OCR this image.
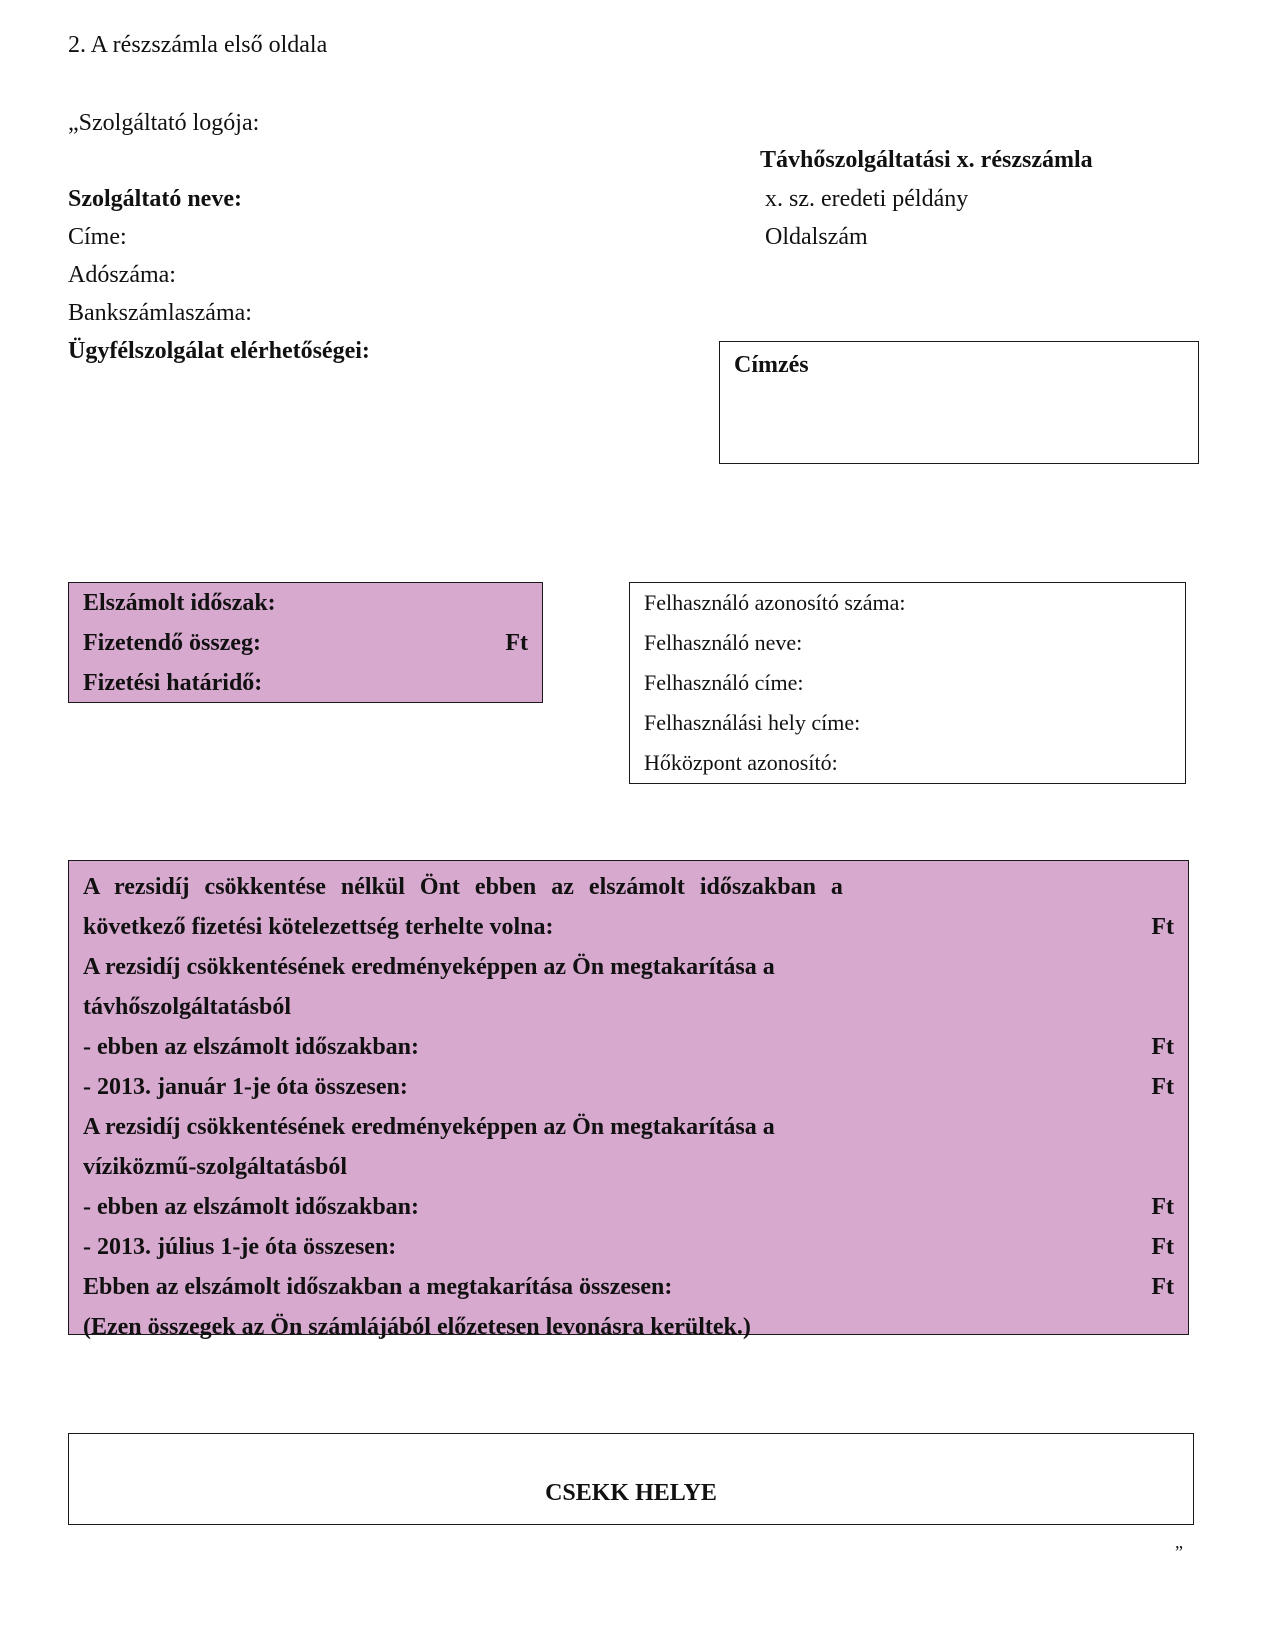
2. A részszámla első oldala
„Szolgáltató logója:
Szolgáltató neve:
Címe:
Adószáma:
Bankszámlaszáma:
Ügyfélszolgálat elérhetőségei:
Távhőszolgáltatási x. részszámla
x. sz. eredeti példány
Oldalszám
Címzés
Elszámolt időszak:
Fizetendő összeg:	Ft
Fizetési határidő:
Felhasználó azonosító száma:
Felhasználó neve:
Felhasználó címe:
Felhasználási hely címe:
Hőközpont azonosító:
A rezsidíj csökkentése nélkül Önt ebben az elszámolt időszakban a
következő fizetési kötelezettség terhelte volna:	Ft
A rezsidíj csökkentésének eredményeképpen az Ön megtakarítása a
távhőszolgáltatásból
- ebben az elszámolt időszakban:	Ft
- 2013. január 1-je óta összesen:	Ft
A rezsidíj csökkentésének eredményeképpen az Ön megtakarítása a
víziközmű-szolgáltatásból
- ebben az elszámolt időszakban:	Ft
- 2013. július 1-je óta összesen:	Ft
Ebben az elszámolt időszakban a megtakarítása összesen:	Ft
(Ezen összegek az Ön számlájából előzetesen levonásra kerültek.)
CSEKK HELYE
”
